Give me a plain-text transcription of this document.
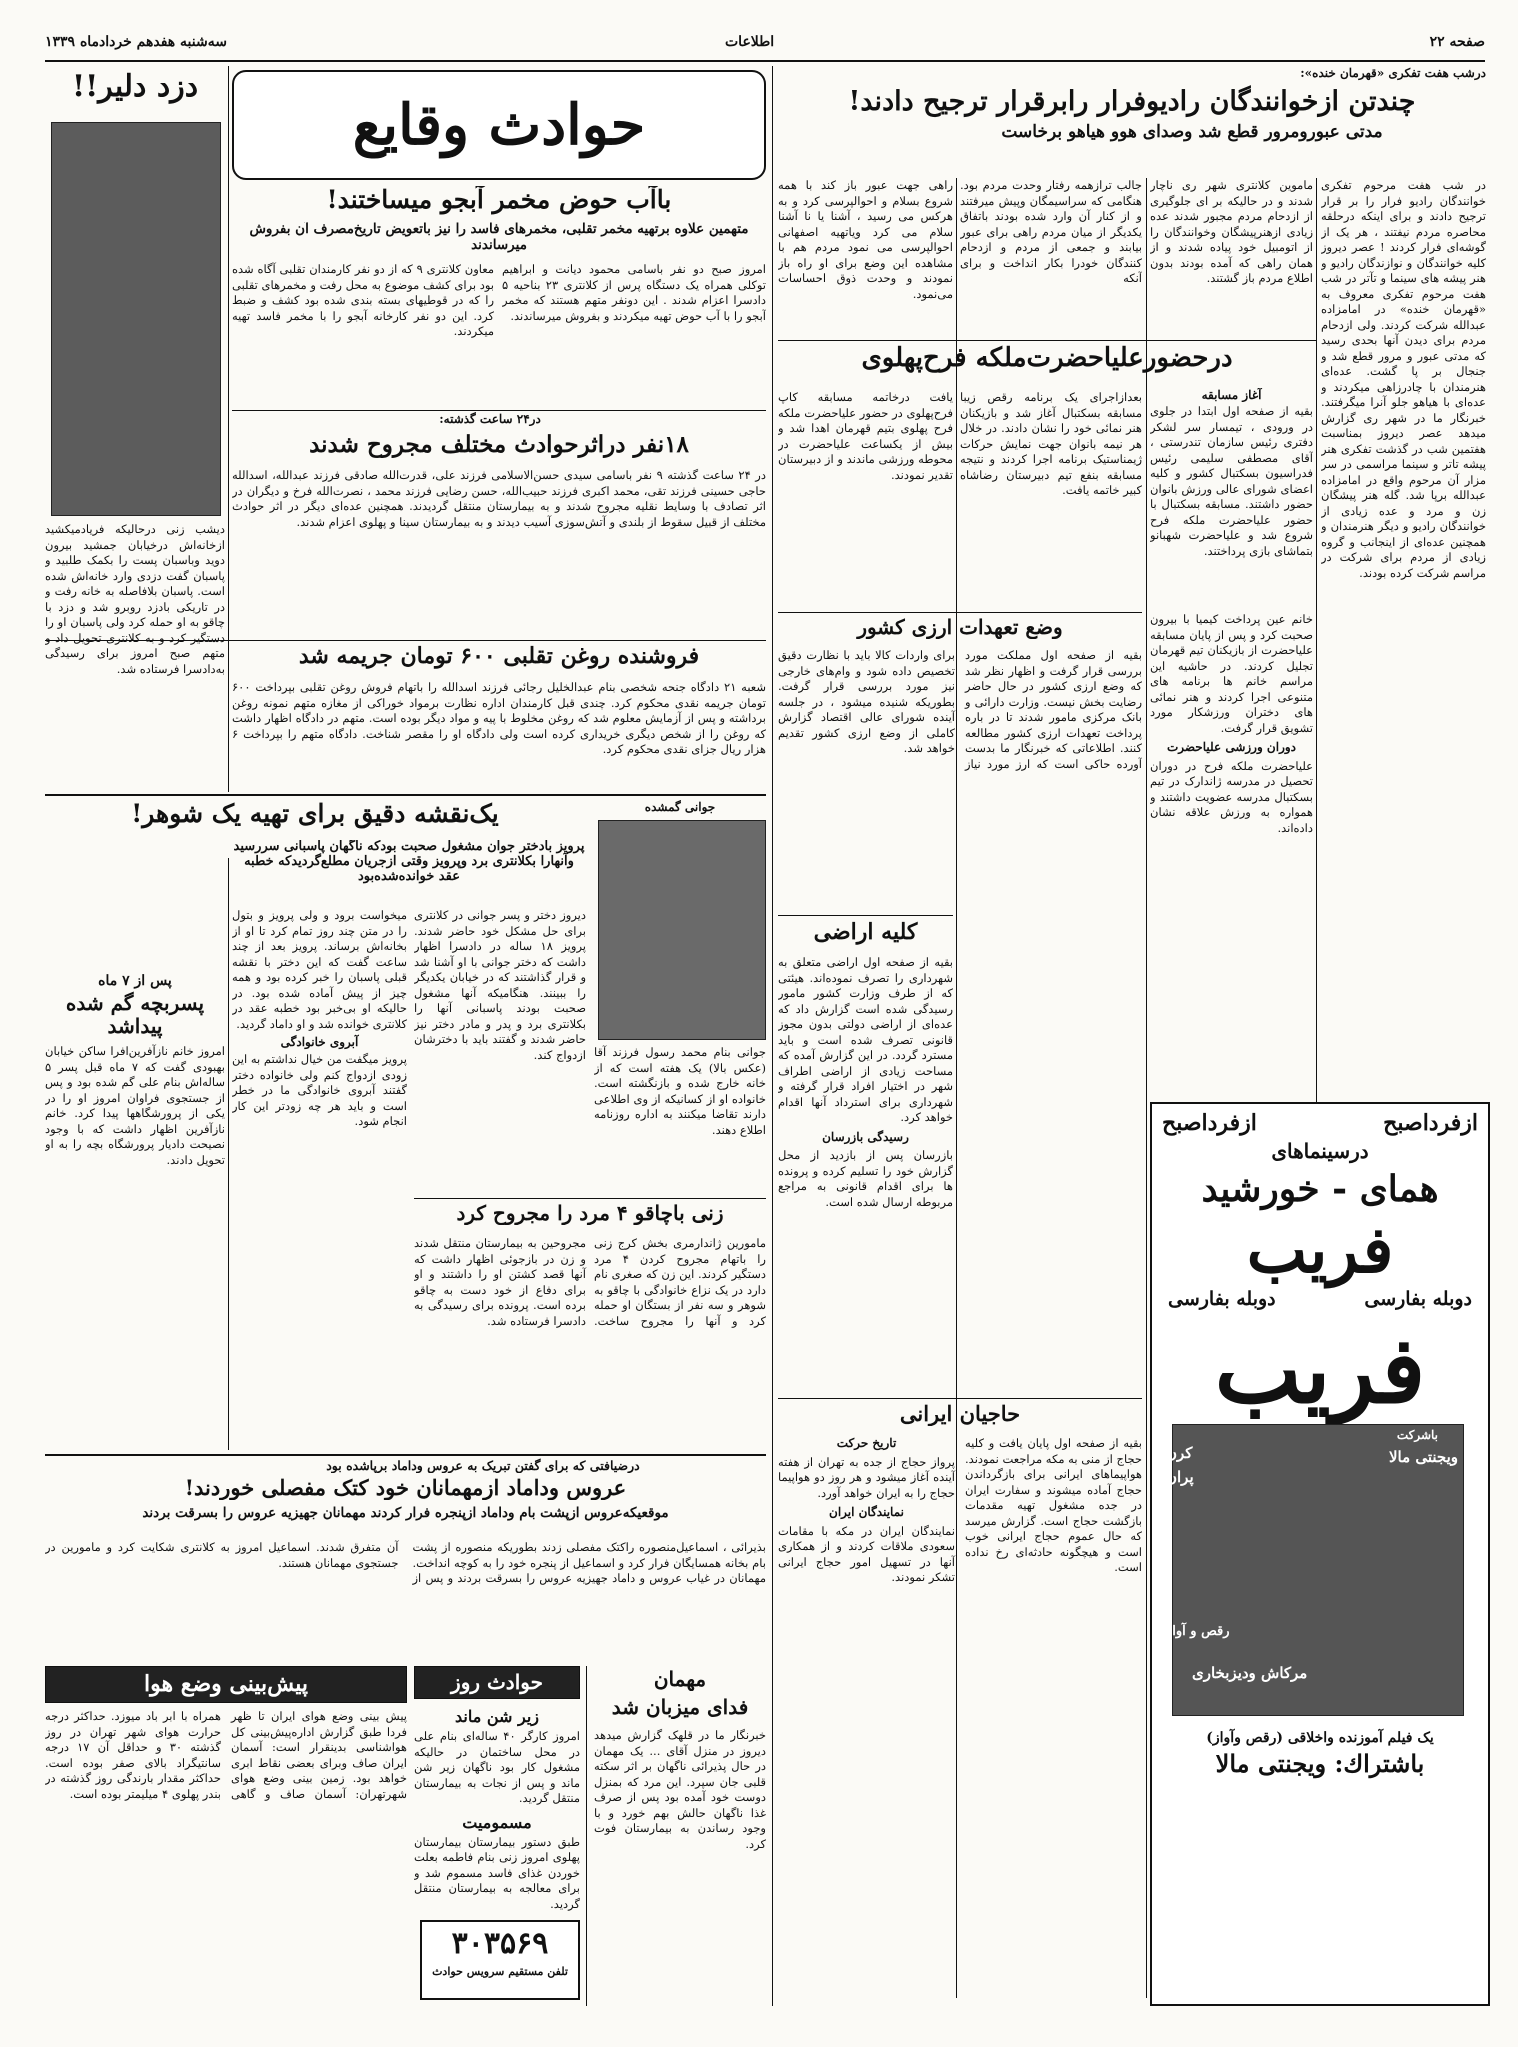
صفحه ۲۲
اطلاعات
سه‌شنبه هفدهم خرداد‌ماه ۱۳۳۹
درشب هفت تفکری «قهرمان خنده»:
چندتن ازخوانندگان رادیوفرار رابرقرار ترجیح دادند!
مدتی عبورومرور قطع شد وصدای هوو هیاهو برخاست
در شب هفت مرحوم تفکری خوانندگان رادیو فرار را بر قرار ترجیح دادند و برای اینکه درحلقه محاصره مردم نیفتند ، هر یک از گوشه‌ای فرار کردند ! عصر دیروز کلیه خوانندگان و نوازندگان رادیو و هنر پیشه های سینما و تآتر در شب هفت مرحوم تفکری معروف به «قهرمان خنده» در امامزاده عبدالله شرکت کردند. ولی ازدحام مردم برای دیدن آنها بحدی رسید که مدتی عبور و مرور قطع شد و جنجال بر پا گشت. عده‌ای هنرمندان با چادرزاهی میکردند و عده‌ای با هیاهو جلو آنرا میگرفتند. خبرنگار ما در شهر ری گزارش میدهد عصر دیروز بمناسبت هفتمین شب در گذشت تفکری هنر پیشه تاتر و سینما مراسمی در سر مزار آن مرحوم واقع در امامزاده عبدالله برپا شد. گله هنر پیشگان زن و مرد و عده زیادی از خوانندگان رادیو و دیگر هنرمندان و همچنین عده‌ای از اینجانب و گروه زیادی از مردم برای شرکت در مراسم شرکت کرده بودند.
ماموین کلانتری شهر ری ناچار شدند و در حالیکه بر ای جلوگیری از ازدحام مردم مجبور شدند عده زیادی ازهنرپیشگان وخوانندگان را از اتومبیل خود پیاده شدند و از همان راهی که آمده بودند بدون اطلاع مردم باز گشتند.
جالب ترازهمه رفتار وحدت مردم بود. هنگامی که سراسیمگان وپیش میرفتند و از کنار آن وارد شده بودند باتفاق یکدیگر از میان مردم راهی برای عبور بیابند و جمعی از مردم و ازدحام کنندگان خودرا بکار انداخت و برای آنکه
راهی جهت عبور باز کند با همه شروع بسلام و احوالپرسی کرد و به هرکس می رسید ، آشنا یا نا آشنا سلام می کرد ویاتهیه اصفهانی احوالپرسی می نمود مردم هم با مشاهده این وضع برای او راه باز نمودند و وحدت ذوق احساسات می‌نمود.
درحضورعلیاحضرت‌ملکه فرح‌پهلوی
آغاز مسابقه
بقیه از صفحه اول ابتدا در جلوی در ورودی ، تیمسار سر لشکر دفتری رئیس سازمان تندرستی ، آقای مصطفی سلیمی رئیس فدراسیون بسکتبال کشور و کلیه اعضای شورای عالی ورزش بانوان حضور داشتند. مسابقه بسکتبال با حضور علیاحضرت ملکه فرح شروع شد و علیاحضرت شهبانو بتماشای بازی پرداختند.
بعدازاجرای یک برنامه رقص زیبا مسابقه بسکتبال آغاز شد و بازیکنان هنر نمائی خود را نشان دادند. در خلال هر نیمه بانوان جهت نمایش حرکات ژیمناستیک برنامه اجرا کردند و نتیجه مسابقه بنفع تیم دبیرستان رضاشاه کبیر خاتمه یافت.
یافت درخاتمه مسابقه کاپ فرح‌پهلوی در حضور علیاحضرت ملکه فرح پهلوی بتیم قهرمان اهدا شد و بیش از یکساعت علیاحضرت در محوطه ورزشی ماندند و از دبیرستان تقدیر نمودند.

خانم عین پرداخت کیمیا با بیرون صحبت کرد و پس از پایان مسابقه علیاحضرت از بازیکنان تیم قهرمان تجلیل کردند. در حاشیه این مراسم خانم ها برنامه های متنوعی اجرا کردند و هنر نمائی های دختران ورزشکار مورد تشویق قرار گرفت.

دوران ورزشی علیاحضرت

علیاحضرت ملکه فرح در دوران تحصیل در مدرسه ژاندارک در تیم بسکتبال مدرسه عضویت داشتند و همواره به ورزش علاقه نشان داده‌اند.

وضع تعهدات ارزی کشور
بقیه از صفحه اول مملکت مورد بررسی قرار گرفت و اظهار نظر شد که وضع ارزی کشور در حال حاضر رضایت بخش نیست. وزارت دارائی و بانک مرکزی مامور شدند تا در باره پرداخت تعهدات ارزی کشور مطالعه کنند. اطلاعاتی که خبرنگار ما بدست آورده حاکی است که ارز مورد نیاز برای واردات کالا باید با نظارت دقیق تخصیص داده شود و وام‌های خارجی نیز مورد بررسی قرار گرفت. بطوریکه شنیده میشود ، در جلسه آینده شورای عالی اقتصاد گزارش کاملی از وضع ارزی کشور تقدیم خواهد شد.
کلیه اراضی

بقیه از صفحه اول اراضی متعلق به شهرداری را تصرف نموده‌اند. هیئتی که از طرف وزارت کشور مامور رسیدگی شده است گزارش داد که عده‌ای از اراضی دولتی بدون مجوز قانونی تصرف شده است و باید مسترد گردد. در این گزارش آمده که مساحت زیادی از اراضی اطراف شهر در اختیار افراد قرار گرفته و شهرداری برای استرداد آنها اقدام خواهد کرد.

رسیدگی بازرسان

بازرسان پس از بازدید از محل گزارش خود را تسلیم کرده و پرونده ها برای اقدام قانونی به مراجع مربوطه ارسال شده است.

حاجیان ایرانی

بقیه از صفحه اول پایان یافت و کلیه حجاج از منی به مکه مراجعت نمودند. هواپیماهای ایرانی برای بازگرداندن حجاج آماده میشوند و سفارت ایران در جده مشغول تهیه مقدمات بازگشت حجاج است. گزارش میرسد که حال عموم حجاج ایرانی خوب است و هیچگونه حادثه‌ای رخ نداده است.

تاریخ حرکت

پرواز حجاج از جده به تهران از هفته آینده آغاز میشود و هر روز دو هواپیما حجاج را به ایران خواهد آورد.

نمایندگان ایران

نمایندگان ایران در مکه با مقامات سعودی ملاقات کردند و از همکاری آنها در تسهیل امور حجاج ایرانی تشکر نمودند.

ازفرداصبح
ازفرداصبح
درسینماهای
همای - خورشید
فریب
دوبله بفارسی
دوبله بفارسی
فریب
باشرکت
ویجنتی مالا
کرن
پران
رقص و آواز
مرکاش ودیزبخاری
یک فیلم آموزنده واخلاقی (رقص وآواز)
باشتراك: ویجنتی مالا
حوادث وقایع
دزد دلیر!!
دیشب زنی درحالیکه فریادمیکشید ازخانه‌اش درخیابان جمشید بیرون دوید وباسبان پست را بکمک طلبید و پاسبان گفت دزدی وارد خانه‌اش شده است. پاسبان بلافاصله به خانه رفت و در تاریکی بادزد روبرو شد و دزد با چاقو به او حمله کرد ولی پاسبان او را دستگیر کرد و به کلانتری تحویل داد و متهم صبح امروز برای رسیدگی به‌دادسرا فرستاده شد.
باآب حوض مخمر آبجو میساختند!
متهمین علاوه برتهیه مخمر تقلبی، مخمرهای فاسد را نیز باتعویض تاریخ‌مصرف آن بفروش میرساندند
امروز صبح دو نفر باسامی محمود دیانت و ابراهیم توکلی همراه یک دستگاه پرس از کلانتری ۲۳ بناحیه ۵ دادسرا اعزام شدند . این دونفر متهم هستند که مخمر آبجو را با آب حوض تهیه میکردند و بفروش میرساندند.
معاون کلانتری ۹ که از دو نفر کارمندان تقلبی آگاه شده بود برای کشف موضوع به محل رفت و مخمرهای تقلبی را که در قوطیهای بسته بندی شده بود کشف و ضبط کرد. این دو نفر کارخانه آبجو را با مخمر فاسد تهیه میکردند.
در۲۴ ساعت گذشته:
۱۸نفر دراثرحوادث مختلف مجروح شدند
در ۲۴ ساعت گذشته ۹ نفر باسامی سیدی حسن‌الاسلامی فرزند علی، قدرت‌الله صادقی فرزند عبدالله، اسدالله حاجی حسینی فرزند تقی، محمد اکبری فرزند حبیب‌الله، حسن رضایی فرزند محمد ، نصرت‌الله فرخ و دیگران در اثر تصادف با وسایط نقلیه مجروح شدند و به بیمارستان منتقل گردیدند. همچنین عده‌ای دیگر در اثر حوادث مختلف از قبیل سقوط از بلندی و آتش‌سوزی آسیب دیدند و به بیمارستان سینا و پهلوی اعزام شدند.
فروشنده روغن تقلبی ۶۰۰ تومان جریمه شد
شعبه ۲۱ دادگاه جنحه شخصی بنام عبدالخلیل رجائی فرزند اسدالله را باتهام فروش روغن تقلبی بپرداخت ۶۰۰ تومان جریمه نقدی محکوم کرد. چندی قبل کارمندان اداره نظارت برمواد خوراکی از مغازه متهم نمونه روغن برداشته و پس از آزمایش معلوم شد که روغن مخلوط با پیه و مواد دیگر بوده است. متهم در دادگاه اظهار داشت که روغن را از شخص دیگری خریداری کرده است ولی دادگاه او را مقصر شناخت. دادگاه متهم را بپرداخت ۶ هزار ریال جزای نقدی محکوم کرد.
یک‌نقشه دقیق برای تهیه یک شوهر!
پرویز بادختر جوان مشغول صحبت بودکه ناگهان پاسبانی سررسید وآنهارا بکلانتری برد وپرویز وقتی ازجریان مطلع‌گردیدکه خطبه عقد خوانده‌شده‌بود
دیروز دختر و پسر جوانی در کلانتری برای حل مشکل خود حاضر شدند. پرویز ۱۸ ساله در دادسرا اظهار داشت که دختر جوانی با او آشنا شد و قرار گذاشتند که در خیابان یکدیگر را ببینند. هنگامیکه آنها مشغول صحبت بودند پاسبانی آنها را بکلانتری برد و پدر و مادر دختر نیز حاضر شدند و گفتند باید با دخترشان ازدواج کند.
میخواست برود و ولی پرویز و بتول را در متن چند روز تمام کرد تا او از بخانه‌اش برساند. پرویز بعد از چند ساعت گفت که این دختر با نقشه قبلی پاسبان را خبر کرده بود و همه چیز از پیش آماده شده بود. در حالیکه او بی‌خبر بود خطبه عقد در کلانتری خوانده شد و او داماد گردید.
آبروی خانوادگی
پرویز میگفت من خیال نداشتم به این زودی ازدواج کنم ولی خانواده دختر گفتند آبروی خانوادگی ما در خطر است و باید هر چه زودتر این کار انجام شود.
پس از ۷ ماه
پسربچه گم شده پیداشد
امروز خانم نازآفرین‌افرا ساکن خیابان بهبودی گفت که ۷ ماه قبل پسر ۵ ساله‌اش بنام علی گم شده بود و پس از جستجوی فراوان امروز او را در یکی از پرورشگاهها پیدا کرد. خانم نازآفرین اظهار داشت که با وجود نصیحت دادیار پرورشگاه بچه را به او تحویل دادند.
جوانی گمشده
جوانی بنام محمد رسول فرزند آقا (عکس بالا) یک هفته است که از خانه خارج شده و بازنگشته است. خانواده او از کسانیکه از وی اطلاعی دارند تقاضا میکنند به اداره روزنامه اطلاع دهند.
زنی باچاقو ۴ مرد را مجروح کرد
مامورین ژاندارمری بخش کرج زنی را باتهام مجروح کردن ۴ مرد دستگیر کردند. این زن که صغری نام دارد در یک نزاع خانوادگی با چاقو به شوهر و سه نفر از بستگان او حمله کرد و آنها را مجروح ساخت. مجروحین به بیمارستان منتقل شدند و زن در بازجوئی اظهار داشت که آنها قصد کشتن او را داشتند و او برای دفاع از خود دست به چاقو برده است. پرونده برای رسیدگی به دادسرا فرستاده شد.
درضیافتی که برای گفتن تبریک به عروس وداماد برپاشده بود
عروس وداماد ازمهمانان خود کتک مفصلی خوردند!
موقعیکه‌عروس ازپشت بام وداماد ازپنجره فرار کردند مهمانان جهیزیه عروس را بسرقت بردند
بذیرائی ، اسماعیل‌منصوره راکتک مفصلی زدند بطوریکه منصوره از پشت بام بخانه همسایگان فرار کرد و اسماعیل از پنجره خود را به کوچه انداخت. مهمانان در غیاب عروس و داماد جهیزیه عروس را بسرقت بردند و پس از آن متفرق شدند. اسماعیل امروز به کلانتری شکایت کرد و مامورین در جستجوی مهمانان هستند.
مهمان
فدای میزبان شد
خبرنگار ما در قلهک گزارش میدهد دیروز در منزل آقای ... یک مهمان در حال پذیرائی ناگهان بر اثر سکته قلبی جان سپرد. این مرد که بمنزل دوست خود آمده بود پس از صرف غذا ناگهان حالش بهم خورد و با وجود رساندن به بیمارستان فوت کرد.
حوادث روز
زیر شن ماند
امروز کارگر ۴۰ ساله‌ای بنام علی در محل ساختمان در حالیکه مشغول کار بود ناگهان زیر شن ماند و پس از نجات به بیمارستان منتقل گردید.
مسمومیت
طبق دستور بیمارستان بیمارستان پهلوی امروز زنی بنام فاطمه بعلت خوردن غذای فاسد مسموم شد و برای معالجه به بیمارستان منتقل گردید.
۳۰۳۵۶۹
تلفن مستقیم سرویس حوادث
پیش‌بینی وضع هوا
پیش بینی وضع هوای ایران تا ظهر فردا طبق گزارش اداره‌پیش‌بینی کل هواشناسی بدینقرار است: آسمان ایران صاف وبرای بعضی نقاط ابری خواهد بود. زمین بینی وضع هوای شهرتهران: آسمان صاف و گاهی همراه با ابر باد میوزد. حداکثر درجه حرارت هوای شهر تهران در روز گذشته ۳۰ و حداقل آن ۱۷ درجه سانتیگراد بالای صفر بوده است. حداکثر مقدار بارندگی روز گذشته در بندر پهلوی ۴ میلیمتر بوده است.
